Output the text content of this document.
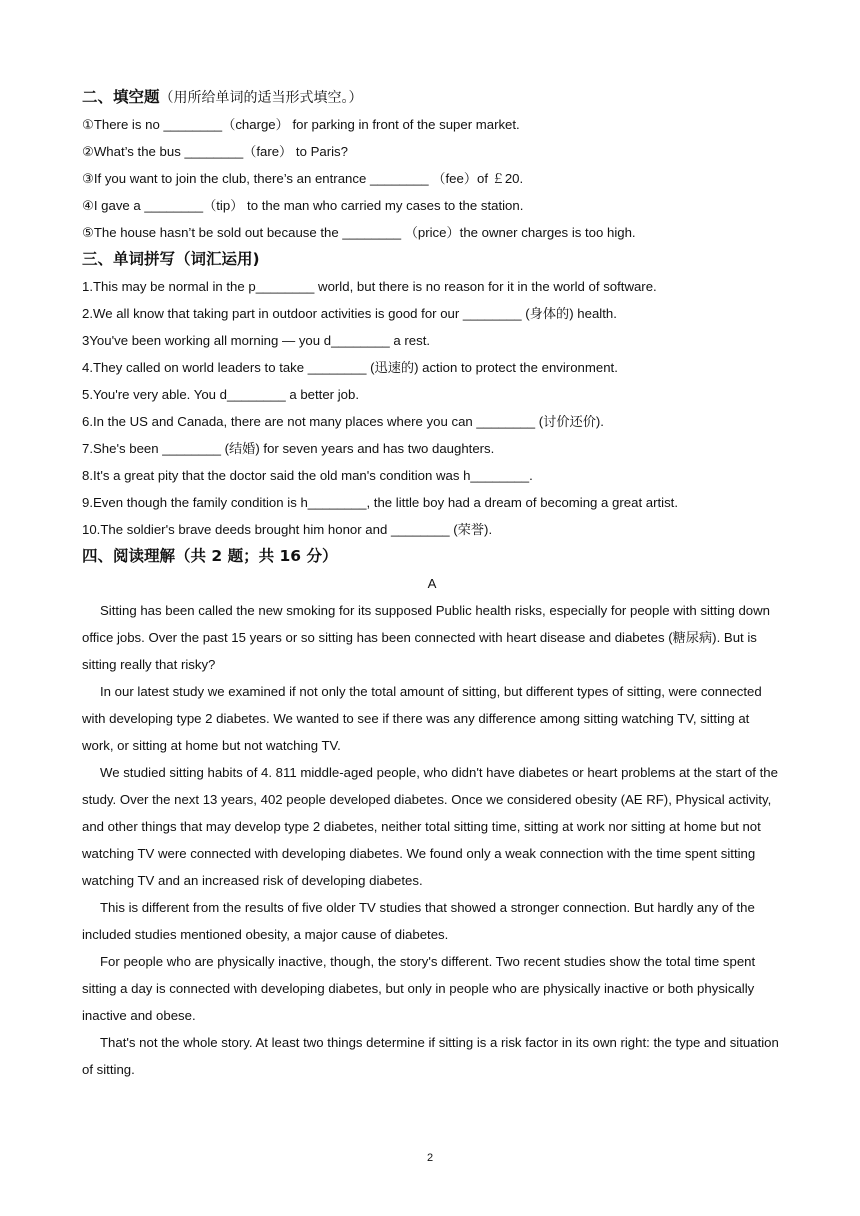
二、填空题（用所给单词的适当形式填空。）

①There is no ________（charge） for parking in front of the super market.

②What’s the bus ________（fare） to Paris?

③If you want to join the club, there’s an entrance ________ （fee）of ￡20.

④I gave a ________（tip） to the man who carried my cases to the station.

⑤The house hasn’t be sold out because the ________ （price）the owner charges is too high.

三、单词拼写（词汇运用)

1.This may be normal in the p________ world, but there is no reason for it in the world of software.

2.We all know that taking part in outdoor activities is good for our ________ (身体的) health.

3You've been working all morning — you d________ a rest.

4.They called on world leaders to take ________ (迅速的) action to protect the environment.

5.You're very able. You d________ a better job.

6.In the US and Canada, there are not many places where you can ________ (讨价还价).

7.She's been ________ (结婚) for seven years and has two daughters.

8.It's a great pity that the doctor said the old man's condition was h________.

9.Even though the family condition is h________, the little boy had a dream of becoming a great artist.

10.The soldier's brave deeds brought him honor and ________ (荣誉).

四、阅读理解（共 2 题；共 16 分）

A

Sitting has been called the new smoking for its supposed Public health risks, especially for people with sitting down office jobs. Over the past 15 years or so sitting has been connected with heart disease and diabetes (糖尿病). But is sitting really that risky?

In our latest study we examined if not only the total amount of sitting, but different types of sitting, were connected with developing type 2 diabetes. We wanted to see if there was any difference among sitting watching TV, sitting at work, or sitting at home but not watching TV.

We studied sitting habits of 4. 811 middle-aged people, who didn't have diabetes or heart problems at the start of the study. Over the next 13 years, 402 people developed diabetes. Once we considered obesity (AE RF), Physical activity, and other things that may develop type 2 diabetes, neither total sitting time, sitting at work nor sitting at home but not watching TV were connected with developing diabetes. We found only a weak connection with the time spent sitting watching TV and an increased risk of developing diabetes.

This is different from the results of five older TV studies that showed a stronger connection. But hardly any of the included studies mentioned obesity, a major cause of diabetes.

For people who are physically inactive, though, the story's different. Two recent studies show the total time spent sitting a day is connected with developing diabetes, but only in people who are physically inactive or both physically inactive and obese.

That's not the whole story. At least two things determine if sitting is a risk factor in its own right: the type and situation of sitting.

2
